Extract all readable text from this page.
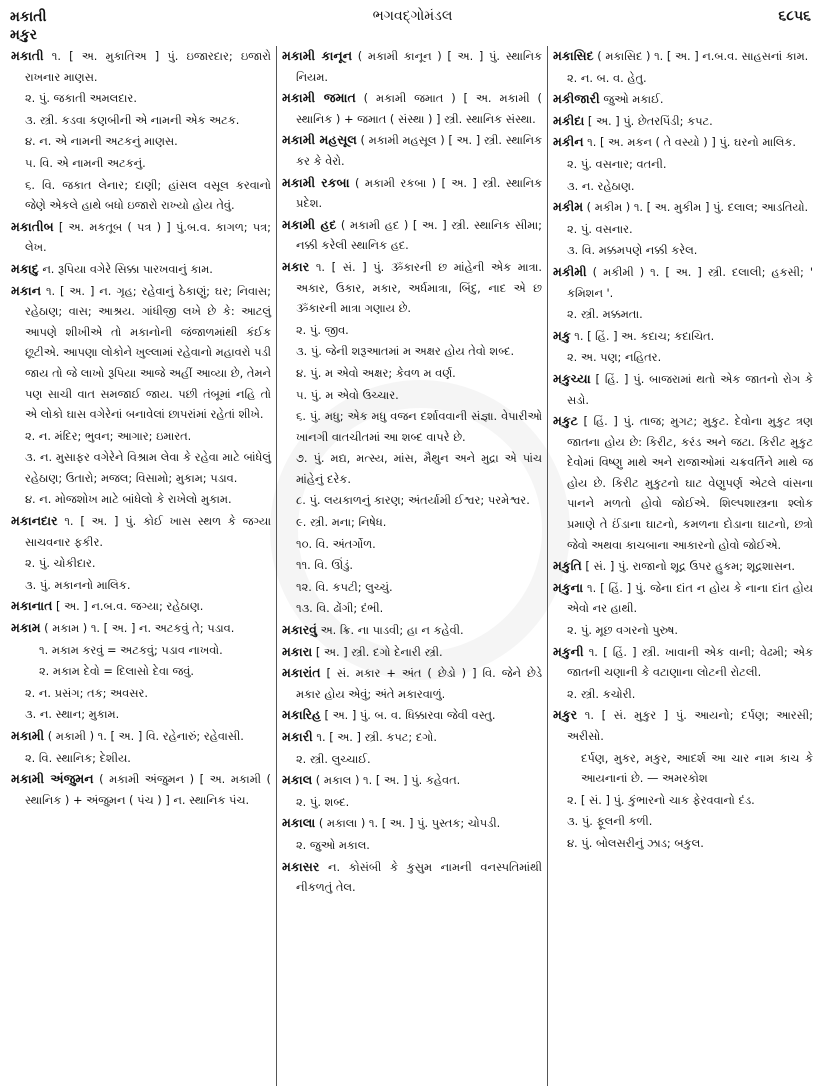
મકાતી
મકુર
ભગવદ્ગોમંડલ	૬૮૫૬
મકાતી ૧. [ અ. મુકાતિઅ ] પું. ઇજારદાર; ઇજારો રાખનાર માણસ.
૨. પું. જકાતી અમલદાર.
૩. સ્ત્રી. કડવા કણબીની એ નામની એક અટક.
૪. ન. એ નામની અટકનું માણસ.
૫. વિ. એ નામની અટકનું.
૬. વિ. જકાત લેનાર; દાણી; હાંસલ વસૂલ કરવાનો જેણે એકલે હાથે બધો ઇજારો રાખ્યો હોય તેવું.
મકાતીબ [ અ. મકતૂબ ( પત્ર ) ] પું.બ.વ. કાગળ; પત્ર; લેખ.
મકાદુ ન. રૂપિયા વગેરે સિક્કા પારખવાનું કામ.
મકાન ૧. [ અ. ] ન. ગૃહ; રહેવાનું ઠેકાણું; ઘર; નિવાસ; રહેઠાણ; વાસ; આશ્રય. ગાંધીજી લખે છે કે: આટલું આપણે શીખીએ તો મકાનોની જંજાળમાંથી કંઈક છૂટીએ. આપણા લોકોને ખુલ્લામાં રહેવાનો મહાવરો પડી જાય તો જે લાખો રૂપિયા આજે અહીં આવ્યા છે, તેમને પણ સાચી વાત સમજાઈ જાય. પછી તંબૂમાં નહિ તો એ લોકો ઘાસ વગેરેનાં બનાવેલાં છાપરાંમાં રહેતાં શીખે.
૨. ન. મંદિર; ભુવન; આગાર; ઇમારત.
૩. ન. મુસાફર વગેરેને વિશ્રામ લેવા કે રહેવા માટે બાંધેલું રહેઠાણ; ઉતારો; મજલ; વિસામો; મુકામ; પડાવ.
૪. ન. મોજશોખ માટે બાંધેલો કે રાખેલો મુકામ.
મકાનદાર ૧. [ અ. ] પું. કોઈ ખાસ સ્થળ કે જગ્યા સાચવનાર ફકીર.
૨. પું. ચોકીદાર.
૩. પું. મકાનનો માલિક.
મકાનાત [ અ. ] ન.બ.વ. જગ્યા; રહેઠાણ.
મકામ ( મકામ ) ૧. [ અ. ] ન. અટકવું તે; પડાવ.
૧. મકામ કરવું = અટકવું; પડાવ નાખવો.
૨. મકામ દેવો = દિલાસો દેવા જવું.
૨. ન. પ્રસંગ; તક; અવસર.
૩. ન. સ્થાન; મુકામ.
મકામી ( મકામી ) ૧. [ અ. ] વિ. રહેનારું; રહેવાસી.
૨. વિ. સ્થાનિક; દેશીય.
મકામી અંજુમન ( મકામી અંજુમન ) [ અ. મકામી ( સ્થાનિક ) + અંજુમન ( પંચ ) ] ન. સ્થાનિક પંચ.
મકામી કાનૂન ( મકામી કાનૂન ) [ અ. ] પું. સ્થાનિક નિયમ.
મકામી જમાત ( મકામી જમાત ) [ અ. મકામી ( સ્થાનિક ) + જમાત ( સંસ્થા ) ] સ્ત્રી. સ્થાનિક સંસ્થા.
મકામી મહસૂલ ( મકામી મહસૂલ ) [ અ. ] સ્ત્રી. સ્થાનિક કર કે વેરો.
મકામી રકબા ( મકામી રકબા ) [ અ. ] સ્ત્રી. સ્થાનિક પ્રદેશ.
મકામી હદ ( મકામી હદ ) [ અ. ] સ્ત્રી. સ્થાનિક સીમા; નક્કી કરેલી સ્થાનિક હદ.
મકાર ૧. [ સં. ] પું. ૐકારની છ માંહેની એક માત્રા. અકાર, ઉકાર, મકાર, અર્ધમાત્રા, બિંદુ, નાદ એ છ ૐકારની માત્રા ગણાય છે.
૨. પું. જીવ.
૩. પું. જેની શરૂઆતમાં મ અક્ષર હોય તેવો શબ્દ.
૪. પું. મ એવો અક્ષર; કેવળ મ વર્ણ.
૫. પું. મ એવો ઉચ્ચાર.
૬. પું. મધુ; એક મધુ વજન દર્શાવવાની સંજ્ઞા. વેપારીઓ ખાનગી વાતચીતમાં આ શબ્દ વાપરે છે.
૭. પું. મદ્ય, મત્સ્ય, માંસ, મૈથુન અને મુદ્રા એ પાંચ માંહેનું દરેક.
૮. પું. લયકાળનું કારણ; અંતર્યામી ઈશ્વર; પરમેશ્વર.
૯. સ્ત્રી. મના; નિષેધ.
૧૦. વિ. અંતર્ગોળ.
૧૧. વિ. ઊંડું.
૧૨. વિ. કપટી; લુચ્ચું.
૧૩. વિ. ઢોંગી; દંભી.
મકારવું અ. ક્રિ. ના પાડવી; હા ન કહેવી.
મકારા [ અ. ] સ્ત્રી. દગો દેનારી સ્ત્રી.
મકારાંત [ સં. મકાર + અંત ( છેડો ) ] વિ. જેને છેડે મકાર હોય એવું; અંતે મકારવાળું.
મકારિહ [ અ. ] પું. બ. વ. ધિક્કારવા જેવી વસ્તુ.
મકારી ૧. [ અ. ] સ્ત્રી. કપટ; દગો.
૨. સ્ત્રી. લુચ્ચાઈ.
મકાલ ( મકાલ ) ૧. [ અ. ] પું. કહેવત.
૨. પું. શબ્દ.
મકાલા ( મકાલા ) ૧. [ અ. ] પું. પુસ્તક; ચોપડી.
૨. જુઓ મકાલ.
મકાસર ન. કોસંબી કે કુસુમ નામની વનસ્પતિમાંથી નીકળતું તેલ.
મકાસિદ ( મકાસિદ ) ૧. [ અ. ] ન.બ.વ. સાહસનાં કામ.
૨. ન. બ. વ. હેતુ.
મકીજારી જુઓ મકાઈ.
મકીદા [ અ. ] પું. છેતરપિંડી; કપટ.
મકીન ૧. [ અ. મકન ( તે વસ્યો ) ] પું. ઘરનો માલિક.
૨. પું. વસનાર; વતની.
૩. ન. રહેઠાણ.
મકીમ ( મકીમ ) ૧. [ અ. મુકીમ ] પું. દલાલ; આડતિયો.
૨. પું. વસનાર.
૩. વિ. મક્કમપણે નક્કી કરેલ.
મકીમી ( મકીમી ) ૧. [ અ. ] સ્ત્રી. દલાલી; હકસી; ' કમિશન '.
૨. સ્ત્રી. મક્કમતા.
મકુ ૧. [ હિં. ] અ. કદાચ; કદાચિત.
૨. અ. પણ; નહિતર.
મકુચ્યા [ હિં. ] પું. બાજરામાં થતો એક જાતનો રોગ કે સડો.
મકુટ [ હિં. ] પું. તાજ; મુગટ; મુકુટ. દેવોના મુકુટ ત્રણ જાતના હોય છે: કિરીટ, કરંડ અને જટા. કિરીટ મુકુટ દેવોમાં વિષ્ણુ માથે અને રાજાઓમાં ચક્રવર્તિને માથે જ હોય છે. કિરીટ મુકુટનો ઘાટ વેણુપર્ણ એટલે વાંસના પાનને મળતો હોવો જોઈએ. શિલ્પશાસ્ત્રના શ્લોક પ્રમાણે તે ઈંડાના ઘાટનો, કમળના દોડાના ઘાટનો, છત્રો જેવો અથવા કાચબાના આકારનો હોવો જોઈએ.
મકુતિ [ સં. ] પું. રાજાનો શૂદ્ર ઉપર હુકમ; શૂદ્રશાસન.
મકુના ૧. [ હિં. ] પું. જેના દાંત ન હોય કે નાના દાંત હોય એવો નર હાથી.
૨. પું. મૂછ વગરનો પુરુષ.
મકુની ૧. [ હિં. ] સ્ત્રી. ખાવાની એક વાની; વેઢમી; એક જાતની ચણાની કે વટાણાના લોટની રોટલી.
૨. સ્ત્રી. કચોરી.
મકુર ૧. [ સં. મુકુર ] પું. આયનો; દર્પણ; આરસી; અરીસો.
દર્પણ, મુકર, મકુર, આદર્શ આ ચાર નામ કાચ કે આયનાનાં છે. — અમરકોશ
૨. [ સં. ] પું. કુંભારનો ચાક ફેરવવાનો દંડ.
૩. પું. ફૂલની કળી.
૪. પું. બોલસરીનું ઝાડ; બકુલ.
